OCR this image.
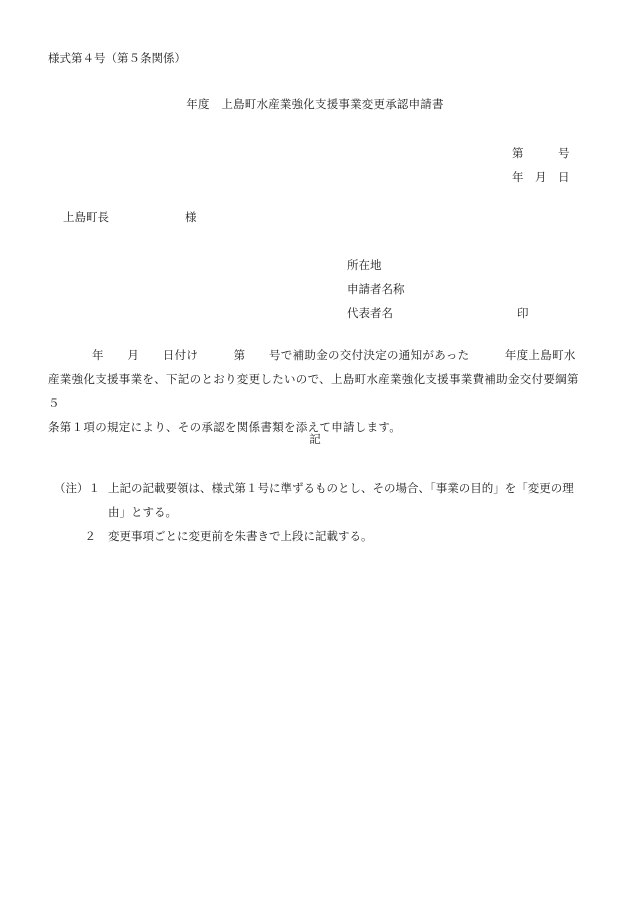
様式第４号（第５条関係）
年度　上島町水産業強化支援事業変更承認申請書
第　　　号
年　月　日
上島町長	様
所在地
申請者名称
代表者名	印

年　　月　　日付け　　　第　　号で補助金の交付決定の通知があった　　　年度上島町水

産業強化支援事業を、下記のとおり変更したいので、上島町水産業強化支援事業費補助金交付要綱第５

条第１項の規定により、その承認を関係書類を添えて申請します。

記
（注）１ 上記の記載要領は、様式第１号に準ずるものとし、その場合、「事業の目的」を「変更の理
由」とする。
２	変更事項ごとに変更前を朱書きで上段に記載する。
